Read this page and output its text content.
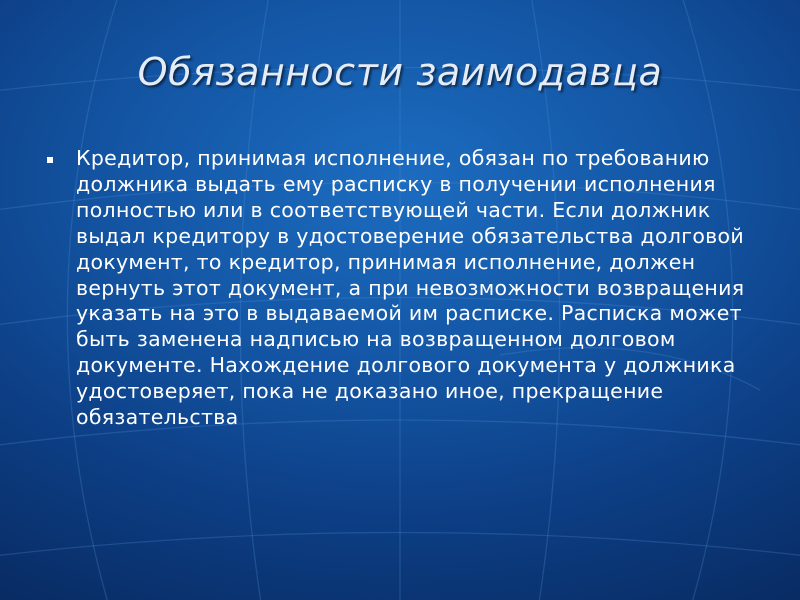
Обязанности заимодавца
Кредитор, принимая исполнение, обязан по требованию должника выдать ему расписку в получении исполнения полностью или в соответствующей части. Если должник выдал кредитору в удостоверение обязательства долговой документ, то кредитор, принимая исполнение, должен вернуть этот документ, а при невозможности возвращения указать на это в выдаваемой им расписке. Расписка может быть заменена надписью на возвращенном долговом документе. Нахождение долгового документа у должника удостоверяет, пока не доказано иное, прекращение обязательства
